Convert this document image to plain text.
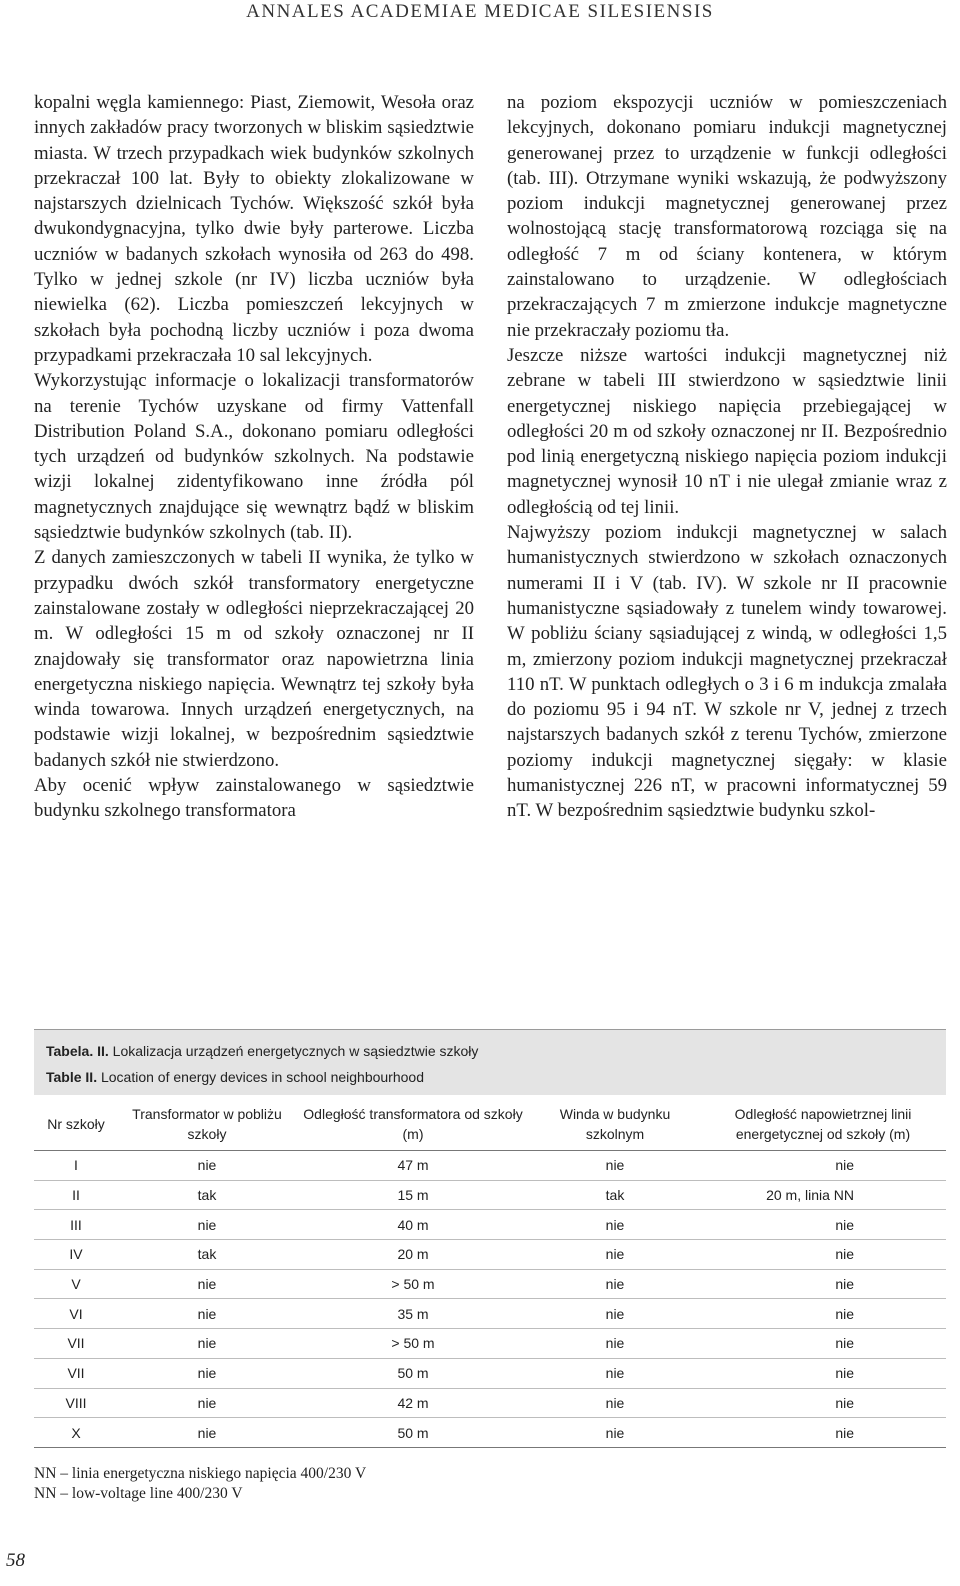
ANNALES ACADEMIAE MEDICAE SILESIENSIS

kopalni węgla kamiennego: Piast, Ziemowit, Wesoła oraz innych zakładów pracy tworzonych w bliskim sąsiedztwie miasta. W trzech przypadkach wiek budynków szkolnych przekraczał 100 lat. Były to obiekty zlokalizowane w najstarszych dzielnicach Tychów. Większość szkół była dwukondygnacyjna, tylko dwie były parterowe. Liczba uczniów w badanych szkołach wynosiła od 263 do 498. Tylko w jednej szkole (nr IV) liczba uczniów była niewielka (62). Liczba pomieszczeń lekcyjnych w szkołach była pochodną liczby uczniów i poza dwoma przypadkami przekraczała 10 sal lekcyjnych.

Wykorzystując informacje o lokalizacji transformatorów na terenie Tychów uzyskane od firmy Vattenfall Distribution Poland S.A., dokonano pomiaru odległości tych urządzeń od budynków szkolnych. Na podstawie wizji lokalnej zidentyfikowano inne źródła pól magnetycznych znajdujące się wewnątrz bądź w bliskim sąsiedztwie budynków szkolnych (tab. II).

Z danych zamieszczonych w tabeli II wynika, że tylko w przypadku dwóch szkół transformatory energetyczne zainstalowane zostały w odległości nieprzekraczającej 20 m. W odległości 15 m od szkoły oznaczonej nr II znajdowały się transformator oraz napowietrzna linia energetyczna niskiego napięcia. Wewnątrz tej szkoły była winda towarowa. Innych urządzeń energetycznych, na podstawie wizji lokalnej, w bezpośrednim sąsiedztwie badanych szkół nie stwierdzono.

Aby ocenić wpływ zainstalowanego w sąsiedztwie budynku szkolnego transformatora

na poziom ekspozycji uczniów w pomieszczeniach lekcyjnych, dokonano pomiaru indukcji magnetycznej generowanej przez to urządzenie w funkcji odległości (tab. III). Otrzymane wyniki wskazują, że podwyższony poziom indukcji magnetycznej generowanej przez wolnostojącą stację transformatorową rozciąga się na odległość 7 m od ściany kontenera, w którym zainstalowano to urządzenie. W odległościach przekraczających 7 m zmierzone indukcje magnetyczne nie przekraczały poziomu tła.

Jeszcze niższe wartości indukcji magnetycznej niż zebrane w tabeli III stwierdzono w sąsiedztwie linii energetycznej niskiego napięcia przebiegającej w odległości 20 m od szkoły oznaczonej nr II. Bezpośrednio pod linią energetyczną niskiego napięcia poziom indukcji magnetycznej wynosił 10 nT i nie ulegał zmianie wraz z odległością od tej linii.

Najwyższy poziom indukcji magnetycznej w salach humanistycznych stwierdzono w szkołach oznaczonych numerami II i V (tab. IV). W szkole nr II pracownie humanistyczne sąsiadowały z tunelem windy towarowej. W pobliżu ściany sąsiadującej z windą, w odległości 1,5 m, zmierzony poziom indukcji magnetycznej przekraczał 110 nT. W punktach odległych o 3 i 6 m indukcja zmalała do poziomu 95 i 94 nT. W szkole nr V, jednej z trzech najstarszych badanych szkół z terenu Tychów, zmierzone poziomy indukcji magnetycznej sięgały: w klasie humanistycznej 226 nT, w pracowni informatycznej 59 nT. W bezpośrednim sąsiedztwie budynku szkol-

Tabela. II. Lokalizacja urządzeń energetycznych w sąsiedztwie szkoły
Table II. Location of energy devices in school neighbourhood
Nr szkoły	Transformator w pobliżu szkoły	Odległość transformatora od szkoły (m)	Winda w budynku szkolnym	Odległość napowietrznej linii energetycznej od szkoły (m)
I	nie	47 m	nie	nie
II	tak	15 m	tak	20 m, linia NN
III	nie	40 m	nie	nie
IV	tak	20 m	nie	nie
V	nie	> 50 m	nie	nie
VI	nie	35 m	nie	nie
VII	nie	> 50 m	nie	nie
VII	nie	50 m	nie	nie
VIII	nie	42 m	nie	nie
X	nie	50 m	nie	nie
NN – linia energetyczna niskiego napięcia 400/230 V
NN – low-voltage line 400/230 V
58
